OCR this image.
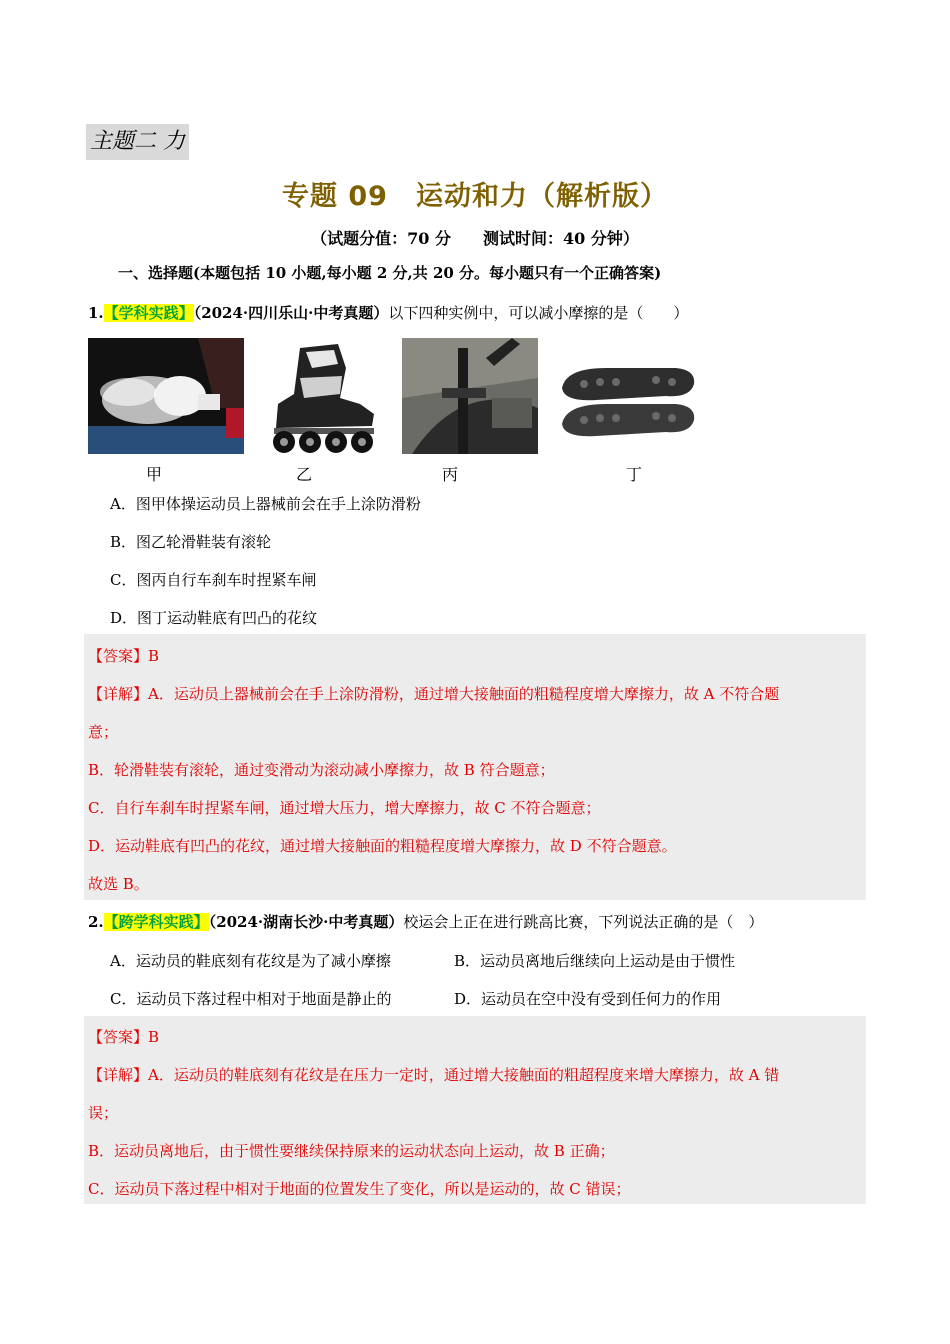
主题二 力
专题 09　运动和力（解析版）
（试题分值：70 分　　测试时间：40 分钟）
一、选择题(本题包括 10 小题,每小题 2 分,共 20 分。每小题只有一个正确答案)
1.【学科实践】（2024·四川乐山·中考真题）以下四种实例中，可以减小摩擦的是（　　）
甲	乙	丙	丁
A．图甲体操运动员上器械前会在手上涂防滑粉
B．图乙轮滑鞋装有滚轮
C．图丙自行车刹车时捏紧车闸
D．图丁运动鞋底有凹凸的花纹
【答案】B
【详解】A．运动员上器械前会在手上涂防滑粉，通过增大接触面的粗糙程度增大摩擦力，故 A 不符合题
意；
B．轮滑鞋装有滚轮，通过变滑动为滚动减小摩擦力，故 B 符合题意；
C．自行车刹车时捏紧车闸，通过增大压力，增大摩擦力，故 C 不符合题意；
D．运动鞋底有凹凸的花纹，通过增大接触面的粗糙程度增大摩擦力，故 D 不符合题意。
故选 B。
2.【跨学科实践】（2024·湖南长沙·中考真题）校运会上正在进行跳高比赛，下列说法正确的是（　）
A．运动员的鞋底刻有花纹是为了减小摩擦	B．运动员离地后继续向上运动是由于惯性
C．运动员下落过程中相对于地面是静止的	D．运动员在空中没有受到任何力的作用
【答案】B
【详解】A．运动员的鞋底刻有花纹是在压力一定时，通过增大接触面的粗超程度来增大摩擦力，故 A 错
误；
B．运动员离地后，由于惯性要继续保持原来的运动状态向上运动，故 B 正确；
C．运动员下落过程中相对于地面的位置发生了变化，所以是运动的，故 C 错误；
